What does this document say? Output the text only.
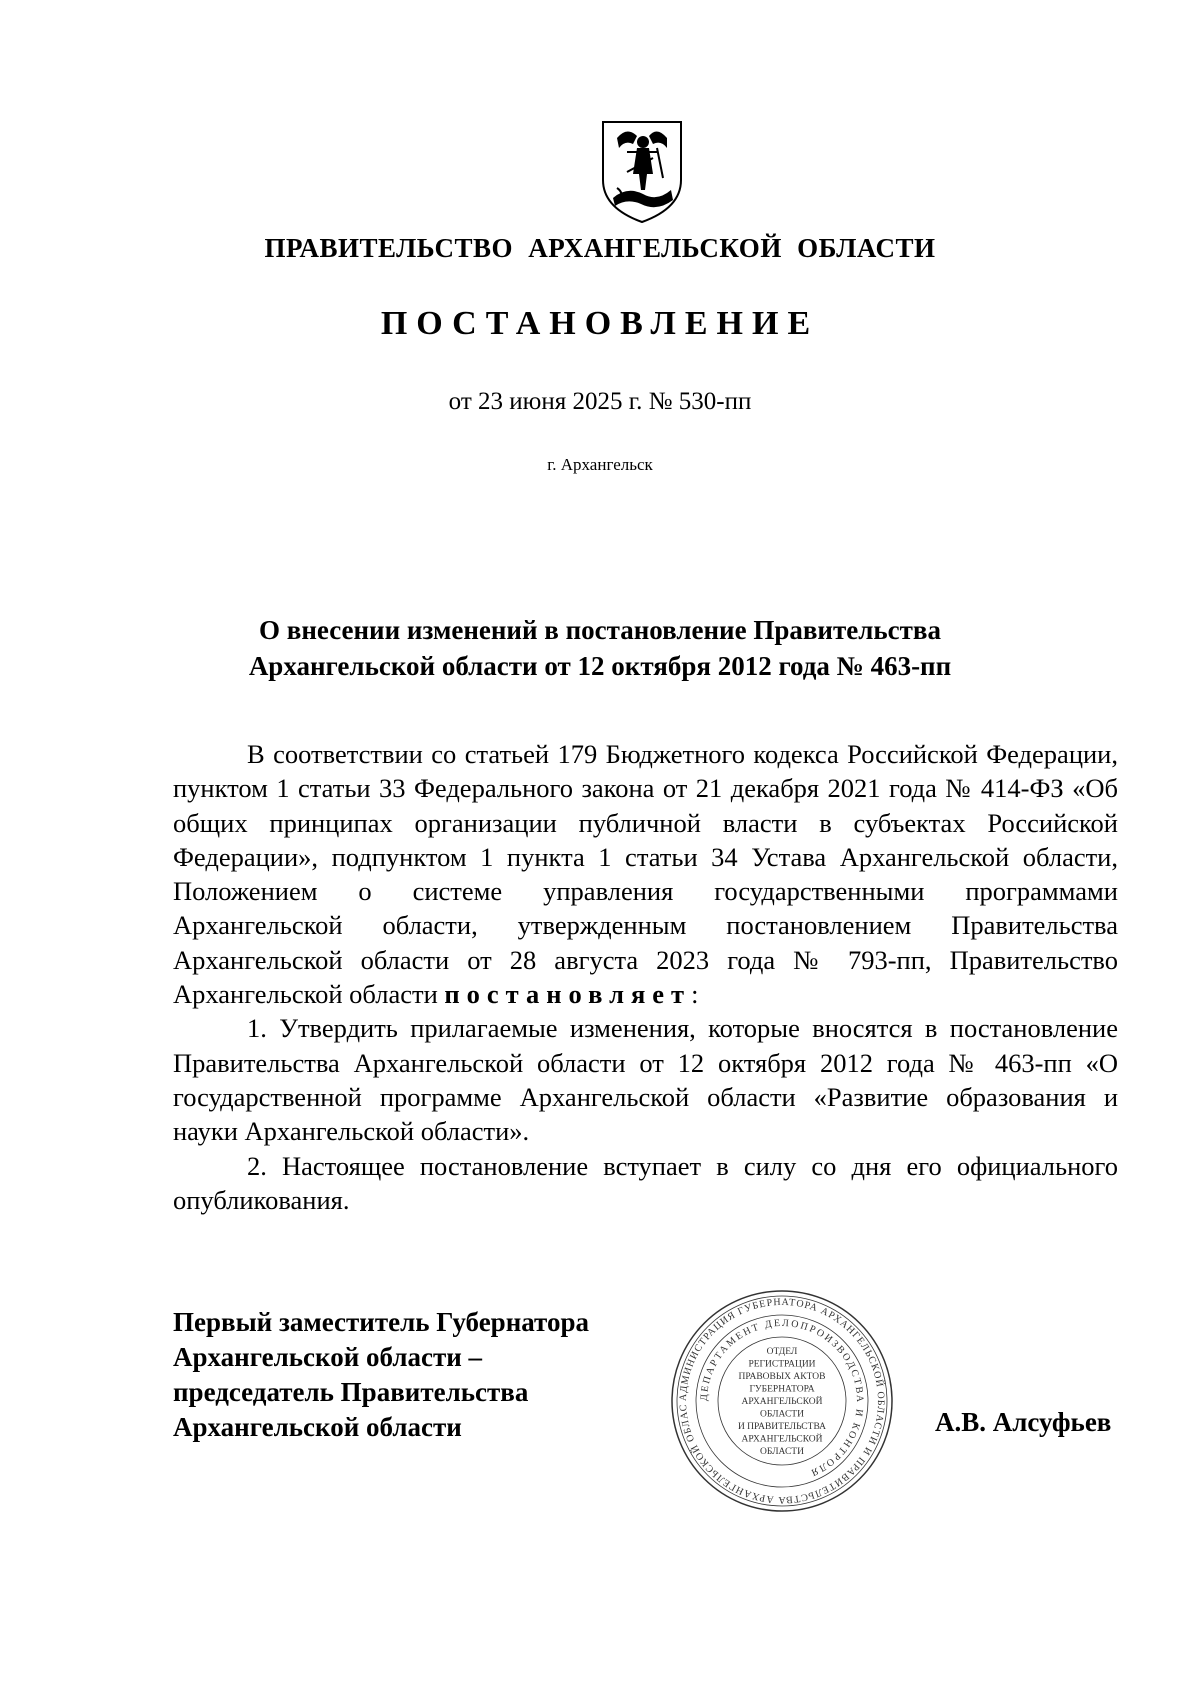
ПРАВИТЕЛЬСТВО АРХАНГЕЛЬСКОЙ ОБЛАСТИ
ПОСТАНОВЛЕНИЕ
от 23 июня 2025 г. № 530-пп
г. Архангельск
О внесении изменений в постановление Правительства
Архангельской области от 12 октября 2012 года № 463-пп

В соответствии со статьей 179 Бюджетного кодекса Российской Федерации, пунктом 1 статьи 33 Федерального закона от 21 декабря 2021 года № 414-ФЗ «Об общих принципах организации публичной власти в субъектах Российской Федерации», подпунктом 1 пункта 1 статьи 34 Устава Архангельской области, Положением о системе управления государственными программами Архангельской области, утвержденным постановлением Правительства Архангельской области от 28 августа 2023 года № 793-пп, Правительство Архангельской области постановляет:

1. Утвердить прилагаемые изменения, которые вносятся в постановление Правительства Архангельской области от 12 октября 2012 года № 463-пп «О государственной программе Архангельской области «Развитие образования и науки Архангельской области».

2. Настоящее постановление вступает в силу со дня его официального опубликования.

Первый заместитель Губернатора
Архангельской области –
председатель Правительства
Архангельской области
АДМИНИСТРАЦИЯ ГУБЕРНАТОРА АРХАНГЕЛЬСКОЙ ОБЛАСТИ И ПРАВИТЕЛЬСТВА АРХАНГЕЛЬСКОЙ ОБЛАС
ДЕПАРТАМЕНТ ДЕЛОПРОИЗВОДСТВА И КОНТРОЛЯ
ОТДЕЛ
РЕГИСТРАЦИИ
ПРАВОВЫХ АКТОВ
ГУБЕРНАТОРА
АРХАНГЕЛЬСКОЙ
ОБЛАСТИ
И ПРАВИТЕЛЬСТВА
АРХАНГЕЛЬСКОЙ
ОБЛАСТИ
А.В. Алсуфьев
